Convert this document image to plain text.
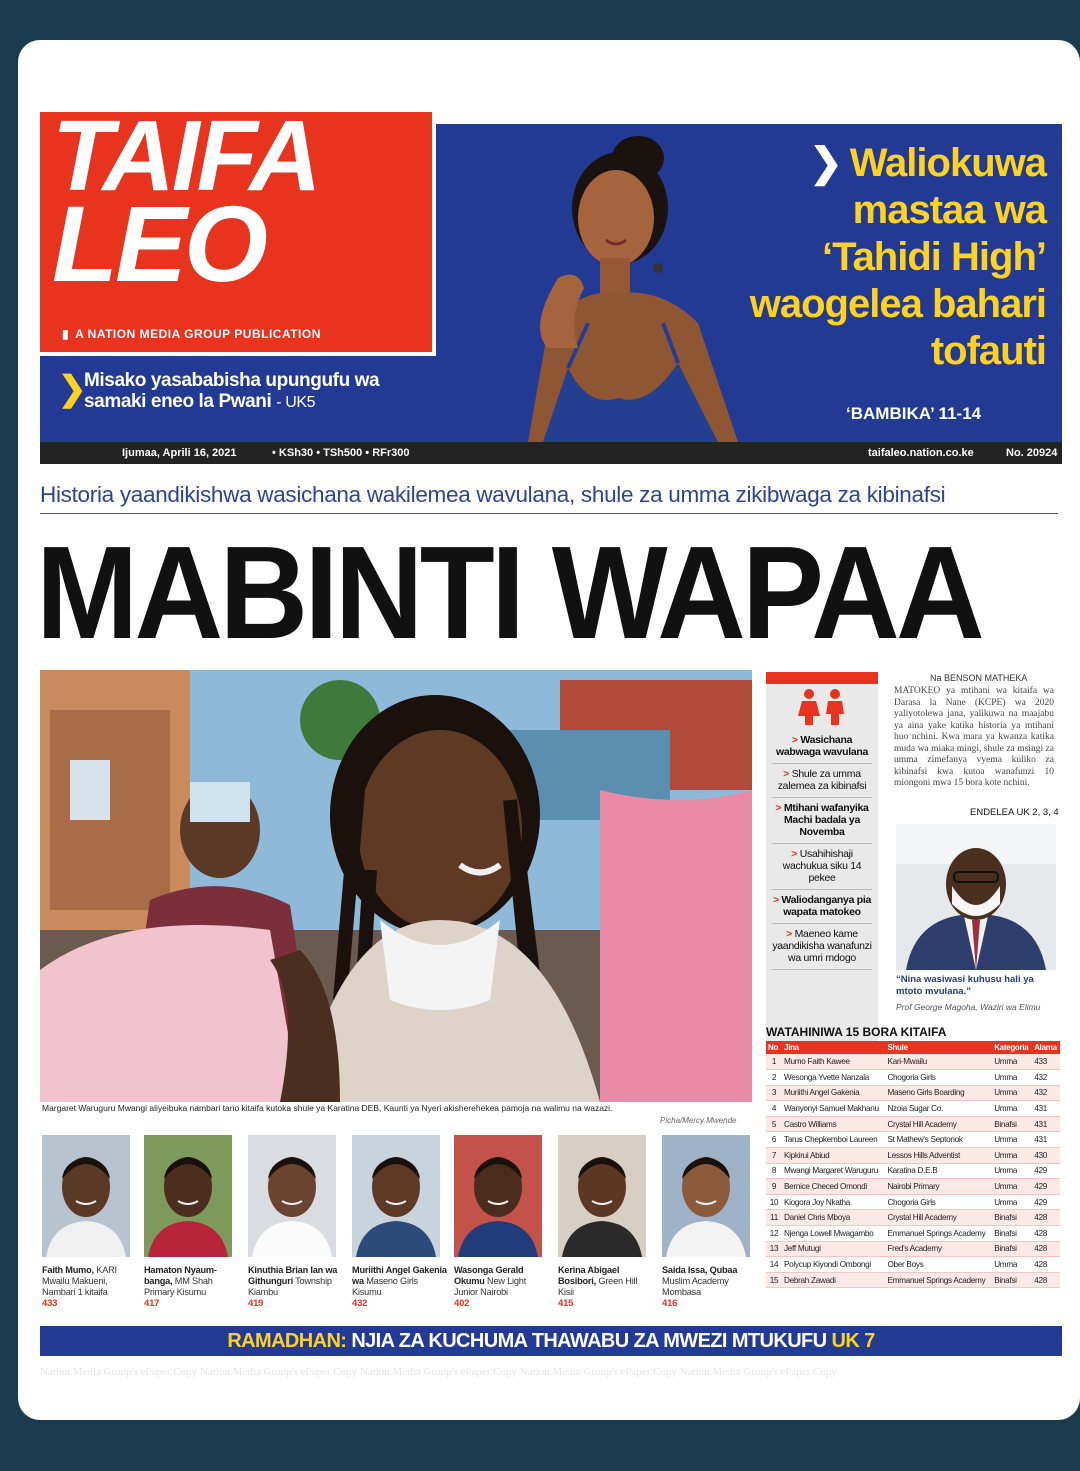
TAIFA
LEO
▮ A NATION MEDIA GROUP PUBLICATION
❯
Misako yasababisha upungufu wa samaki eneo la Pwani - UK5
❯ Waliokuwa mastaa wa ‘Tahidi High’ waogelea bahari tofauti
‘BAMBIKA’ 11-14
Ijumaa, Aprili 16, 2021	• KSh30 • TSh500 • RFr300	taifaleo.nation.co.ke	No. 20924
Historia yaandikishwa wasichana wakilemea wavulana, shule za umma zikibwaga za kibinafsi
MABINTI WAPAA
Margaret Waruguru Mwangi aliyeibuka nambari tano kitaifa kutoka shule ya Karatina DEB, Kaunti ya Nyeri akisherehekea pamoja na walimu na wazazi.
Picha/Mercy Mwende
> Wasichana wabwaga wavulana
> Shule za umma zalemea za kibinafsi
> Mtihani wafanyika Machi badala ya Novemba
> Usahihishaji wachukua siku 14 pekee
> Waliodanganya pia wapata matokeo
> Maeneo kame yaandikisha wanafunzi wa umri mdogo
Na BENSON MATHEKA
MATOKEO ya mtihani wa kitaifa wa Darasa la Nane (KCPE) wa 2020 yaliyotolewa jana, yalikuwa na maajabu ya aina yake katika historia ya mtihani huo nchini. Kwa mara ya kwanza katika muda wa miaka mingi, shule za msingi za umma zimefanya vyema kuliko za kibinafsi kwa kutoa wanafunzi 10 miongoni mwa 15 bora kote nchini.
ENDELEA UK 2, 3, 4
“Nina wasiwasi kuhusu hali ya mtoto mvulana.”
Prof George Magoha, Waziri wa Elimu
WATAHINIWA 15 BORA KITAIFA
No	Jina	Shule	Kategoria	Alama
1	Mumo Faith Kawee	Kari-Mwailu	Umma	433
2	Wesonga Yvette Nanzala	Chogoria Girls	Umma	432
3	Muriithi Angel Gakenia	Maseno Girls Boarding	Umma	432
4	Wanyonyi Samuel Makhanu	Nzoia Sugar Co.	Umma	431
5	Castro Williams	Crystal Hill Academy	Binafsi	431
6	Tarus Chepkemboi Laureen	St Mathew's Septonok	Umma	431
7	Kipkirui Abiud	Lessos Hills Adventist	Umma	430
8	Mwangi Margaret Waruguru	Karatina D.E.B	Umma	429
9	Bernice Checed Omondi	Nairobi Primary	Umma	429
10	Kiogora Joy Nkatha	Chogoria Girls	Umma	429
11	Daniel Chris Mboya	Crystal Hill Academy	Binafsi	428
12	Njenga Lowell Mwagambo	Emmanuel Springs Academy	Binafsi	428
13	Jeff Mutugi	Fred's Academy	Binafsi	428
14	Polycup Kiyondi Ombongi	Ober Boys	Umma	428
15	Debrah Zawadi	Emmanuel Springs Academy	Binafsi	428
Faith Mumo, KARI Mwailu Makueni, Nambari 1 kitaifa
433
Hamaton Nyaum-banga, MM Shah Primary Kisumu
417
Kinuthia Brian Ian wa Githunguri Township Kiambu
419
Muriithi Angel Gakenia wa Maseno Girls Kisumu
432
Wasonga Gerald Okumu New Light Junior Nairobi
402
Kerina Abigael Bosibori, Green Hill Kisii
415
Saida Issa, Qubaa Muslim Academy Mombasa
416
RAMADHAN: NJIA ZA KUCHUMA THAWABU ZA MWEZI MTUKUFU UK 7
Nation Media Group's ePaper Copy Nation Media Group's ePaper Copy Nation Media Group's ePaper Copy Nation Media Group's ePaper Copy Nation Media Group's ePaper Copy
